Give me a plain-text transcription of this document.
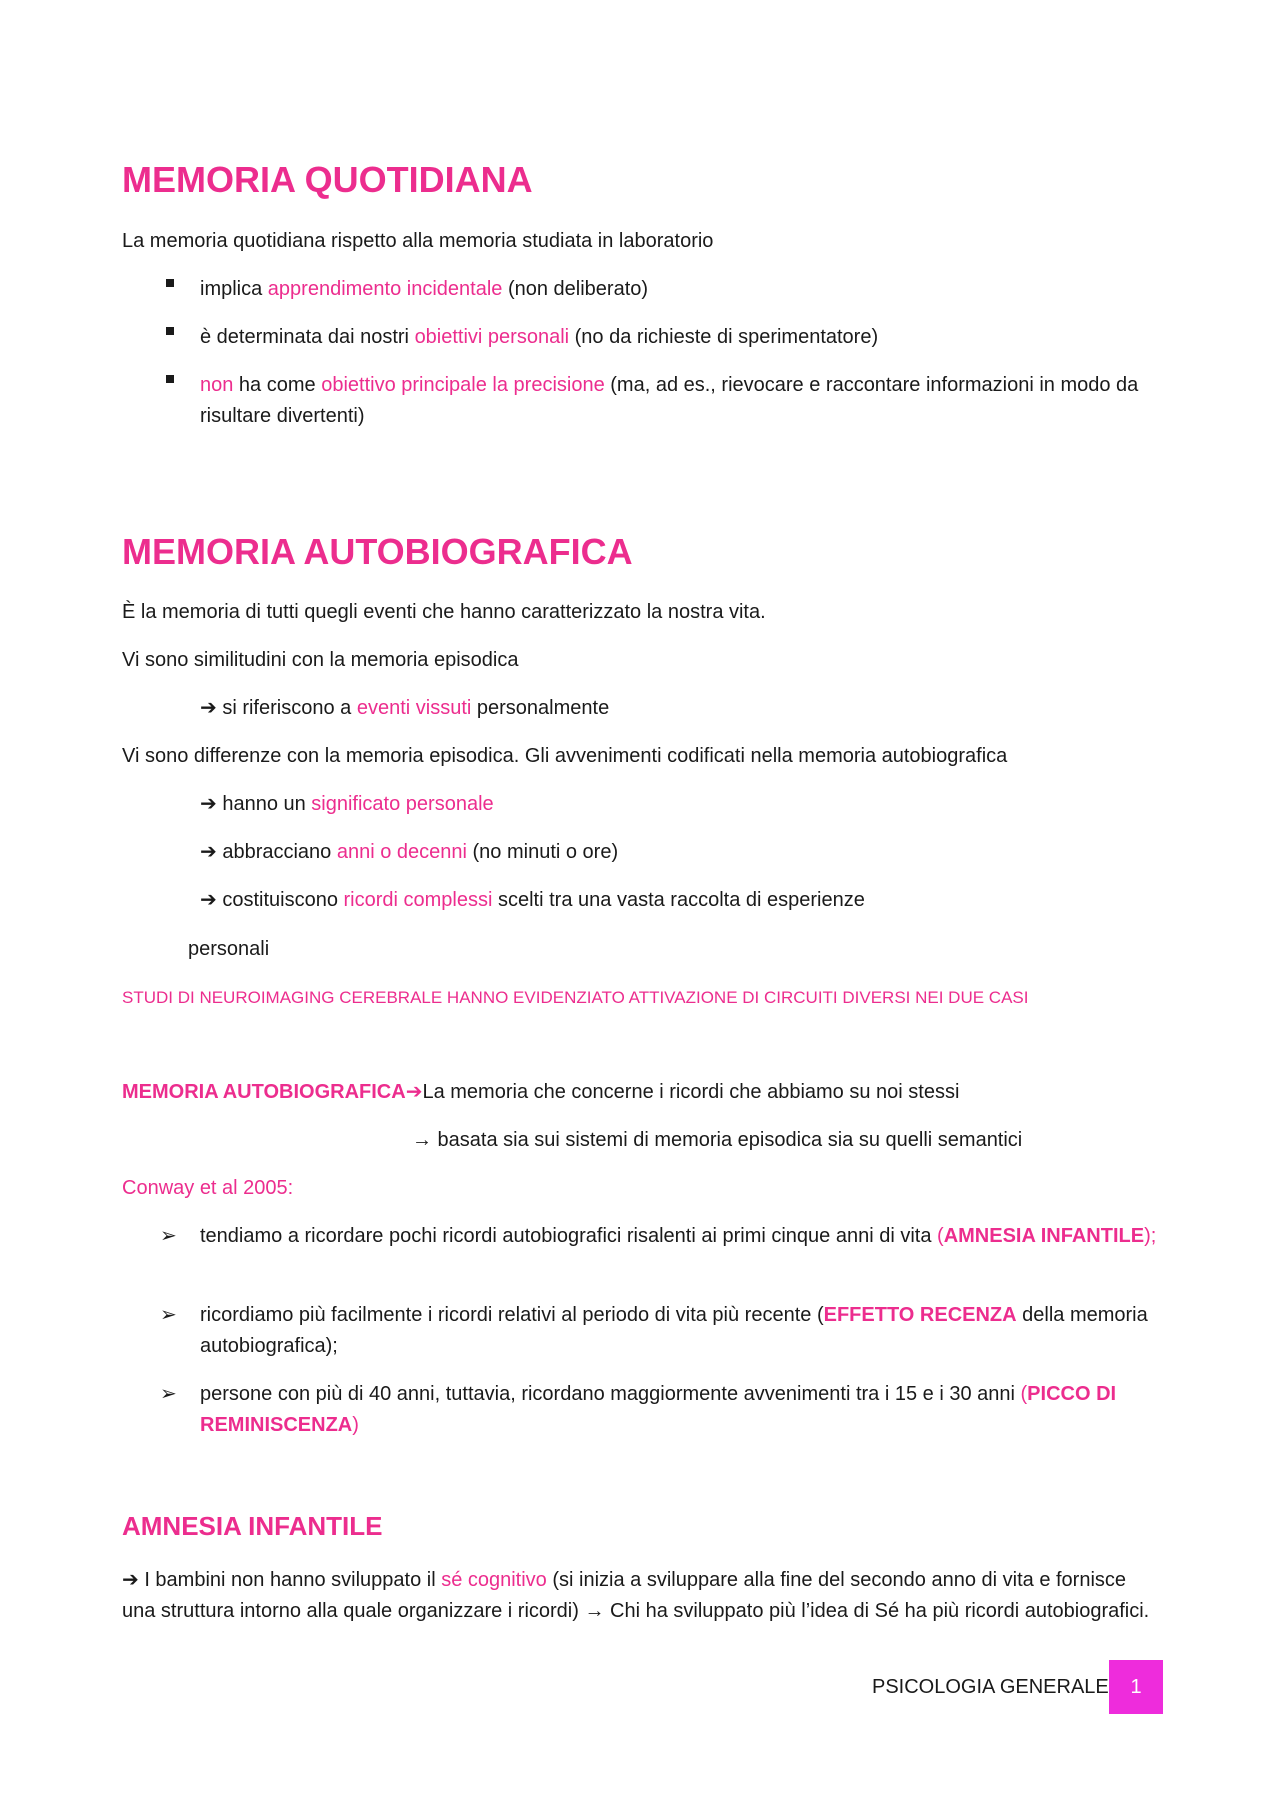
MEMORIA QUOTIDIANA

La memoria quotidiana rispetto alla memoria studiata in laboratorio

implica apprendimento incidentale (non deliberato)

è determinata dai nostri obiettivi personali (no da richieste di sperimentatore)

non ha come obiettivo principale la precisione (ma, ad es., rievocare e raccontare informazioni in modo da risultare divertenti)

MEMORIA AUTOBIOGRAFICA

È la memoria di tutti quegli eventi che hanno caratterizzato la nostra vita.

Vi sono similitudini con la memoria episodica

➔ si riferiscono a eventi vissuti personalmente

Vi sono differenze con la memoria episodica. Gli avvenimenti codificati nella memoria autobiografica

➔ hanno un significato personale

➔ abbracciano anni o decenni (no minuti o ore)

➔ costituiscono ricordi complessi scelti tra una vasta raccolta di esperienze

personali

STUDI DI NEUROIMAGING CEREBRALE HANNO EVIDENZIATO ATTIVAZIONE DI CIRCUITI DIVERSI NEI DUE CASI

MEMORIA AUTOBIOGRAFICA➔La memoria che concerne i ricordi che abbiamo su noi stessi

→ basata sia sui sistemi di memoria episodica sia su quelli semantici

Conway et al 2005:

➢ tendiamo a ricordare pochi ricordi autobiografici risalenti ai primi cinque anni di vita (AMNESIA INFANTILE);

➢ ricordiamo più facilmente i ricordi relativi al periodo di vita più recente (EFFETTO RECENZA della memoria autobiografica);

➢ persone con più di 40 anni, tuttavia, ricordano maggiormente avvenimenti tra i 15 e i 30 anni (PICCO DI REMINISCENZA)

AMNESIA INFANTILE

➔ I bambini non hanno sviluppato il sé cognitivo (si inizia a sviluppare alla fine del secondo anno di vita e fornisce una struttura intorno alla quale organizzare i ricordi) → Chi ha sviluppato più l’idea di Sé ha più ricordi autobiografici.

PSICOLOGIA GENERALE 1
